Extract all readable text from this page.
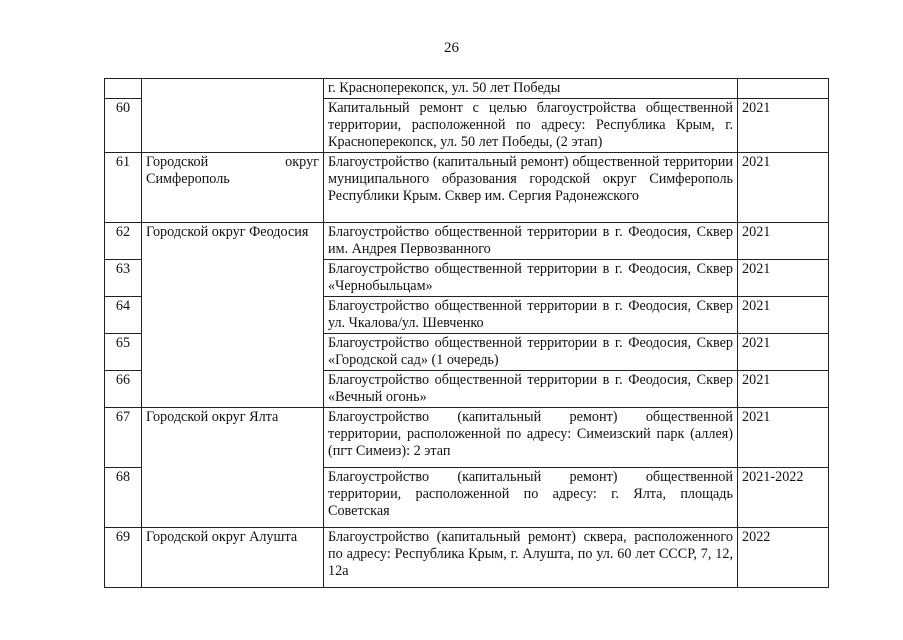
26
		г. Красноперекопск, ул. 50 лет Победы	
60		Капитальный ремонт с целью благоустройства общественной территории, расположенной по адресу: Республика Крым, г. Красноперекопск, ул. 50 лет Победы, (2 этап)	2021
61	Городской округ Симферополь	Благоустройство (капитальный ремонт) общественной территории муниципального образования городской округ Симферополь Республики Крым. Сквер им. Сергия Радонежского	2021
62	Городской округ Феодосия	Благоустройство общественной территории в г. Феодосия, Сквер им. Андрея Первозванного	2021
63		Благоустройство общественной территории в г. Феодосия, Сквер «Чернобыльцам»	2021
64		Благоустройство общественной территории в г. Феодосия, Сквер ул. Чкалова/ул. Шевченко	2021
65		Благоустройство общественной территории в г. Феодосия, Сквер «Городской сад» (1 очередь)	2021
66		Благоустройство общественной территории в г. Феодосия, Сквер «Вечный огонь»	2021
67	Городской округ Ялта	Благоустройство (капитальный ремонт) общественной территории, расположенной по адресу: Симеизский парк (аллея) (пгт Симеиз): 2 этап	2021
68		Благоустройство (капитальный ремонт) общественной территории, расположенной по адресу: г. Ялта, площадь Советская	2021-2022
69	Городской округ Алушта	Благоустройство (капитальный ремонт) сквера, расположенного по адресу: Республика Крым, г. Алушта, по ул. 60 лет СССР, 7, 12, 12а	2022
